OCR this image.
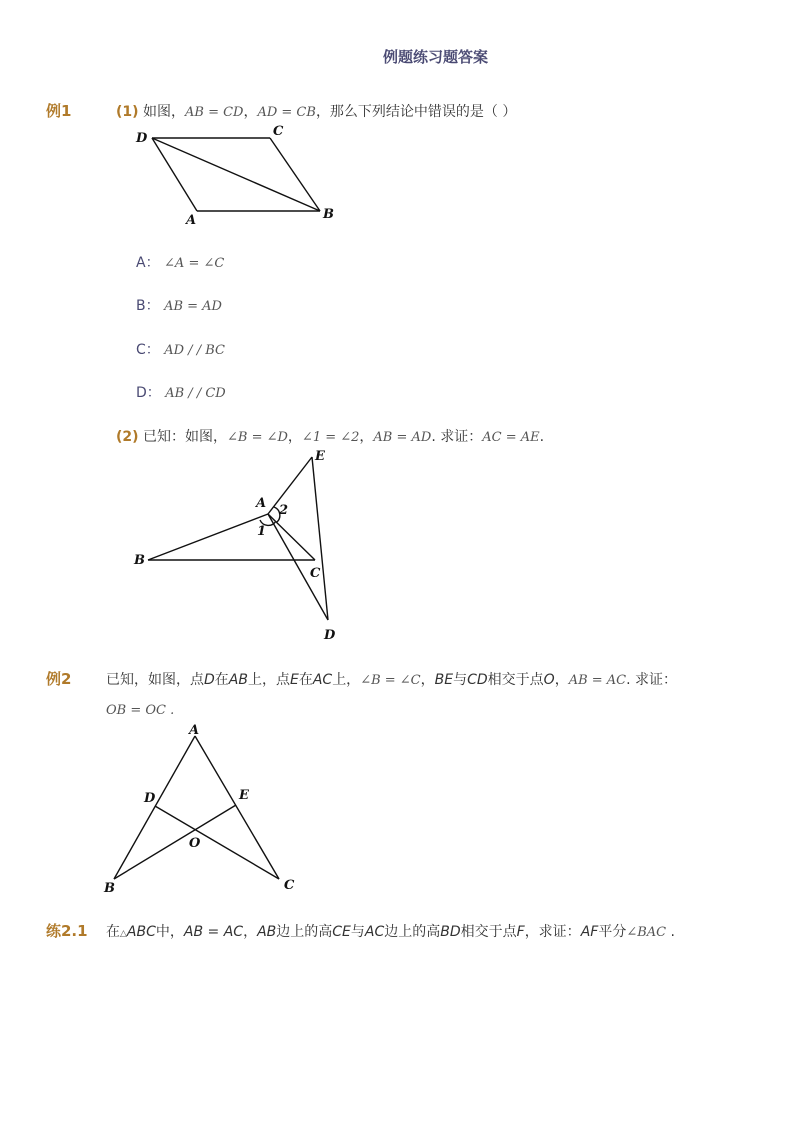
例题练习题答案
例1	(1) 如图，AB = CD，AD = CB，那么下列结论中错误的是（ ）
D	C
A	B
A： ∠A = ∠C
B： AB = AD
C： AD / / BC
D： AB / / CD
(2) 已知：如图，∠B = ∠D，∠1 = ∠2，AB = AD. 求证：AC = AE.
E
A 2
1
B
C
D
例2 已知，如图，点D在AB上，点E在AC上，∠B = ∠C，BE与CD相交于点O，AB = AC. 求证：
OB = OC .
A
D	E
O
B	C
练2.1 在△ABC中，AB = AC，AB边上的高CE与AC边上的高BD相交于点F，求证：AF平分∠BAC .
